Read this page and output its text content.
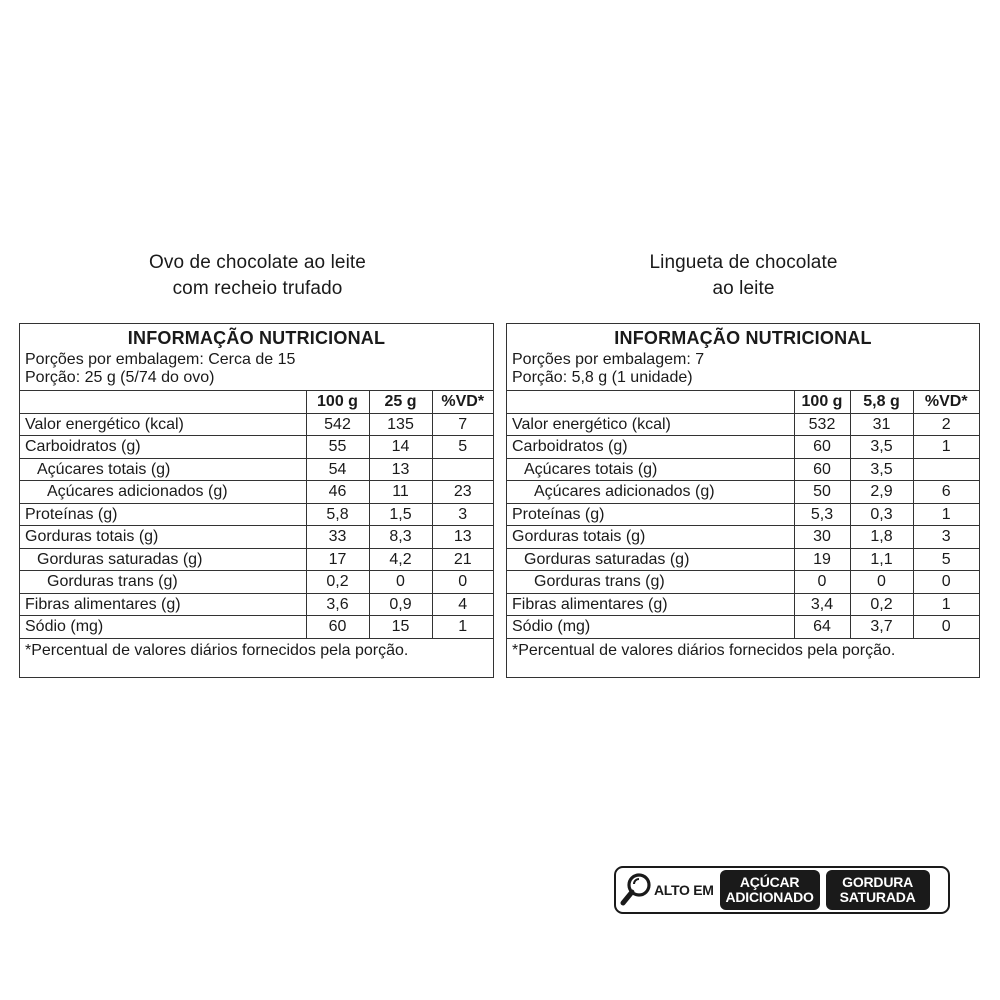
Ovo de chocolate ao leite
com recheio trufado
Lingueta de chocolate
ao leite
INFORMAÇÃO NUTRICIONAL
Porções por embalagem: Cerca de 15
Porção: 25 g (5/74 do ovo)
	100 g	25 g	%VD*
Valor energético (kcal)	542	135	7
Carboidratos (g)	55	14	5
Açúcares totais (g)	54	13	
Açúcares adicionados (g)	46	11	23
Proteínas (g)	5,8	1,5	3
Gorduras totais (g)	33	8,3	13
Gorduras saturadas (g)	17	4,2	21
Gorduras trans (g)	0,2	0	0
Fibras alimentares (g)	3,6	0,9	4
Sódio (mg)	60	15	1
*Percentual de valores diários fornecidos pela porção.
INFORMAÇÃO NUTRICIONAL
Porções por embalagem: 7
Porção: 5,8 g (1 unidade)
	100 g	5,8 g	%VD*
Valor energético (kcal)	532	31	2
Carboidratos (g)	60	3,5	1
Açúcares totais (g)	60	3,5	
Açúcares adicionados (g)	50	2,9	6
Proteínas (g)	5,3	0,3	1
Gorduras totais (g)	30	1,8	3
Gorduras saturadas (g)	19	1,1	5
Gorduras trans (g)	0	0	0
Fibras alimentares (g)	3,4	0,2	1
Sódio (mg)	64	3,7	0
*Percentual de valores diários fornecidos pela porção.
ALTO EM AÇÚCAR
ADICIONADO
GORDURA
SATURADA
